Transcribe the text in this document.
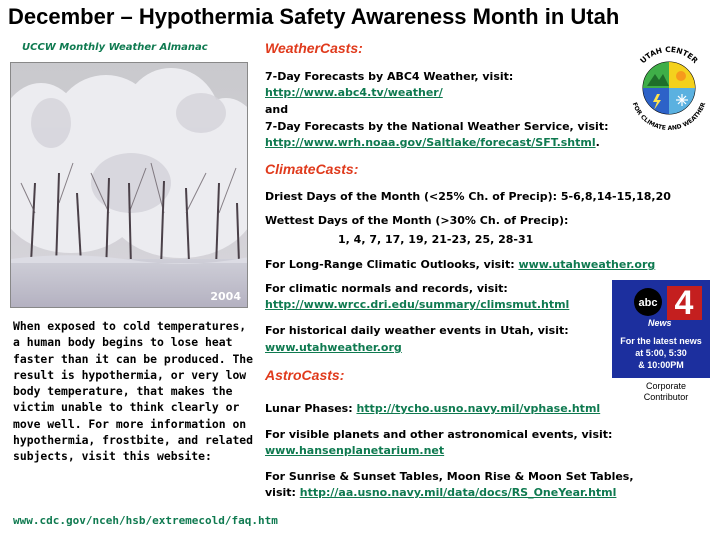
December – Hypothermia Safety Awareness Month in Utah
UCCW Monthly Weather Almanac
2004
When exposed to cold temperatures, a human body begins to lose heat faster than it can be produced. The result is hypothermia, or very low body temperature, that makes the victim unable to think clearly or move well. For more information on hypothermia, frostbite, and related subjects, visit this website:
www.cdc.gov/nceh/hsb/extremecold/faq.htm
WeatherCasts:
7-Day Forecasts by ABC4 Weather, visit:
http://www.abc4.tv/weather/
and
7-Day Forecasts by the National Weather Service, visit:
http://www.wrh.noaa.gov/Saltlake/forecast/SFT.shtml.
ClimateCasts:
Driest Days of the Month (<25% Ch. of Precip): 5-6,8,14-15,18,20
Wettest Days of the Month (>30% Ch. of Precip):
1, 4, 7, 17, 19, 21-23, 25, 28-31
For Long-Range Climatic Outlooks, visit: www.utahweather.org
For climatic normals and records, visit:
http://www.wrcc.dri.edu/summary/climsmut.html
For historical daily weather events in Utah, visit:
www.utahweather.org
AstroCasts:
Lunar Phases: http://tycho.usno.navy.mil/vphase.html
For visible planets and other astronomical events, visit:
www.hansenplanetarium.net
For Sunrise & Sunset Tables, Moon Rise & Moon Set Tables,
visit: http://aa.usno.navy.mil/data/docs/RS_OneYear.html
UTAH CENTER
FOR CLIMATE AND WEATHER
4
abc
News
For the latest news
at 5:00, 5:30
& 10:00PM
Corporate Contributor
